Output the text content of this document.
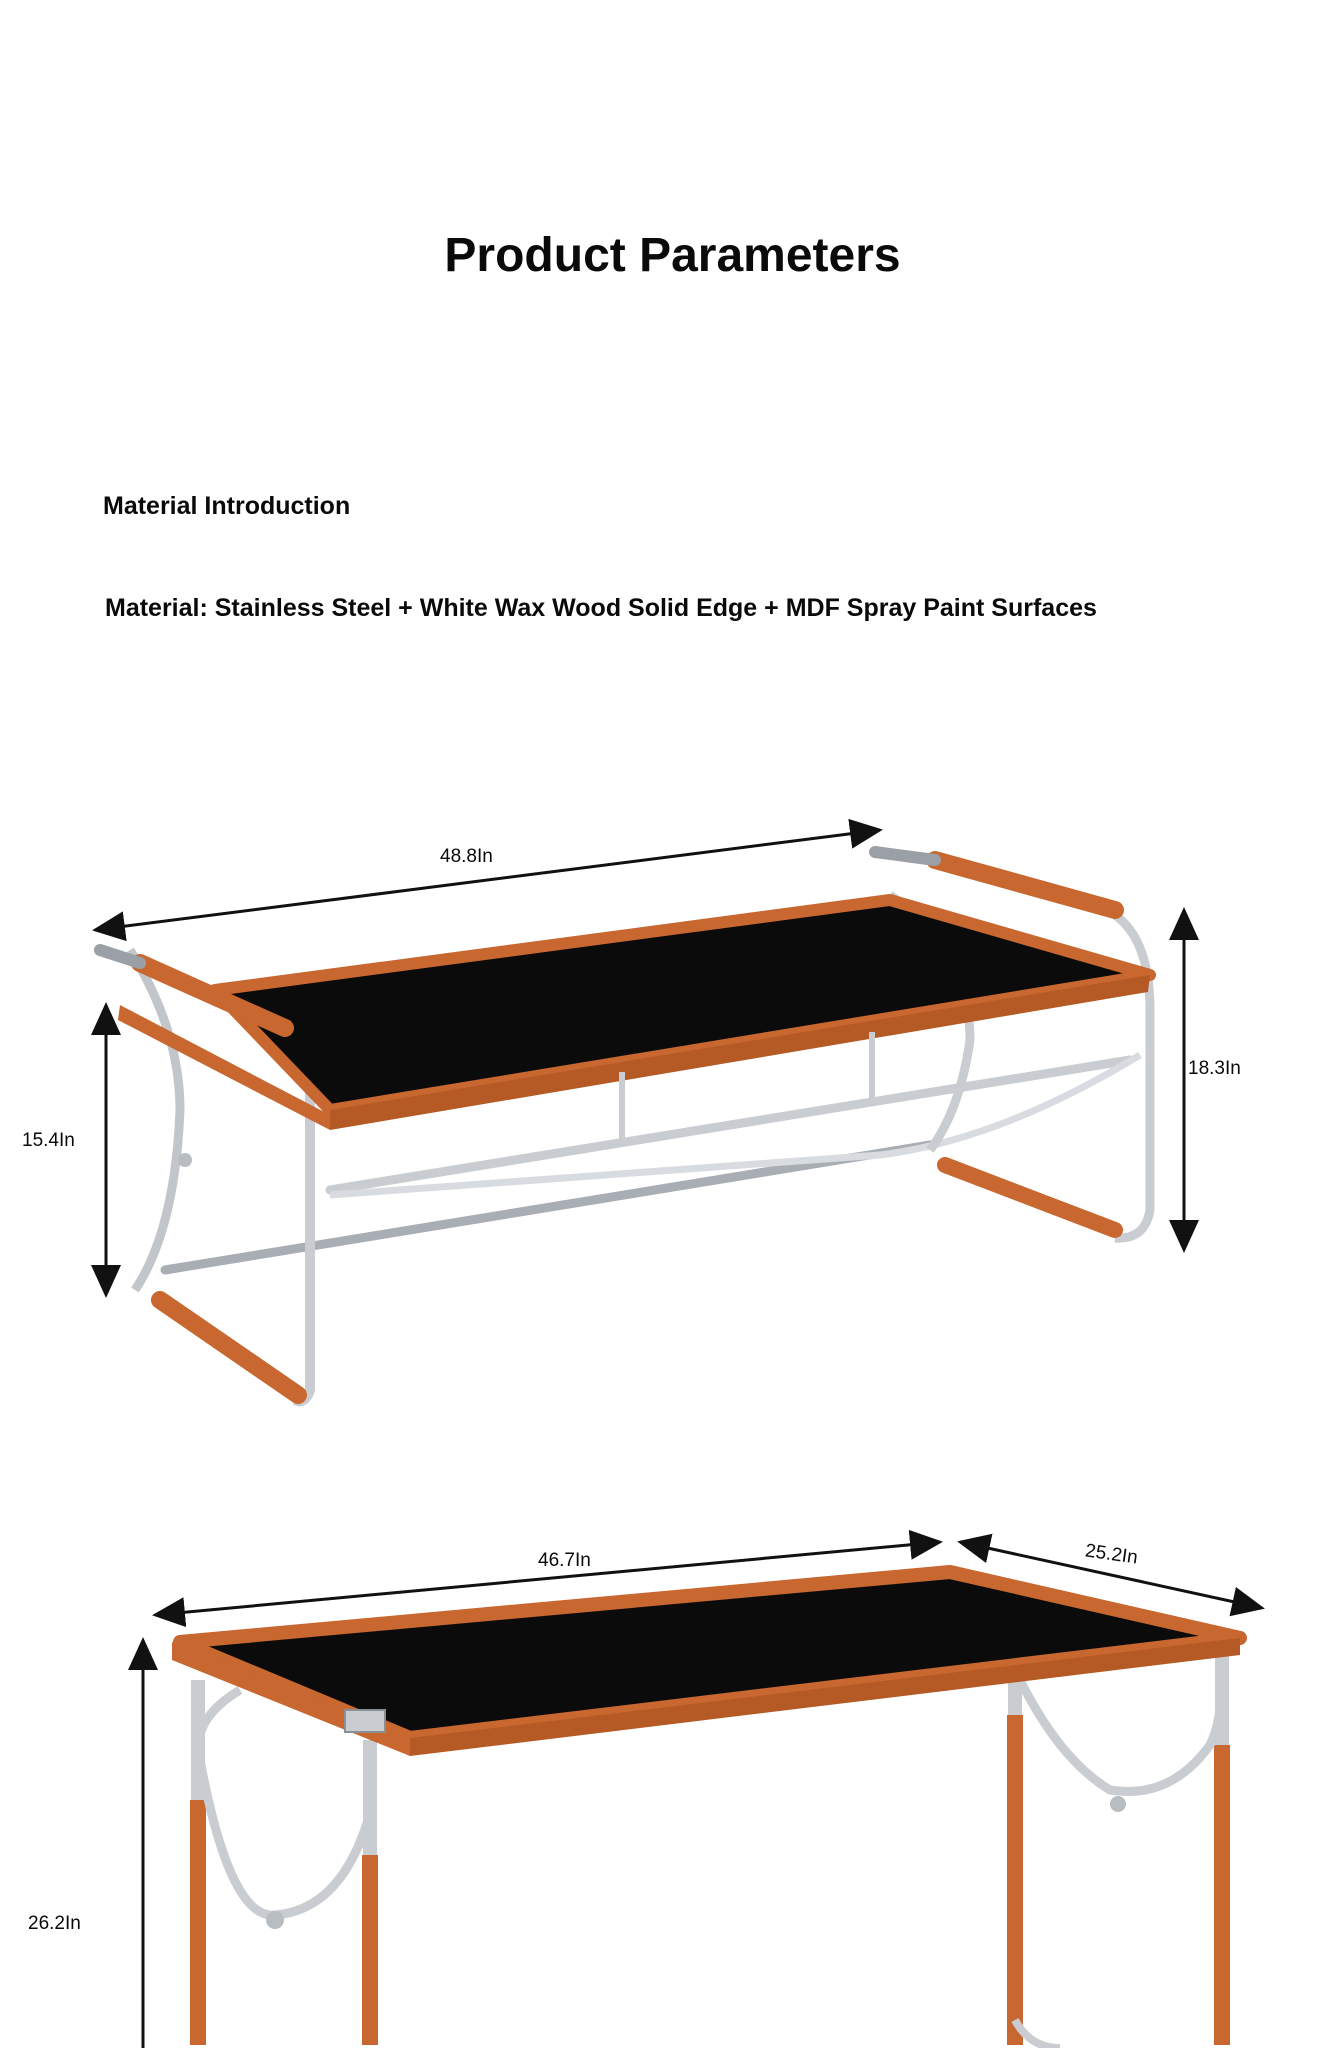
Product Parameters
Material Introduction

Material: Stainless Steel + White Wax Wood Solid Edge + MDF Spray Paint Surfaces

48.8In
15.4In
18.3In
46.7In	25.2In
26.2In
